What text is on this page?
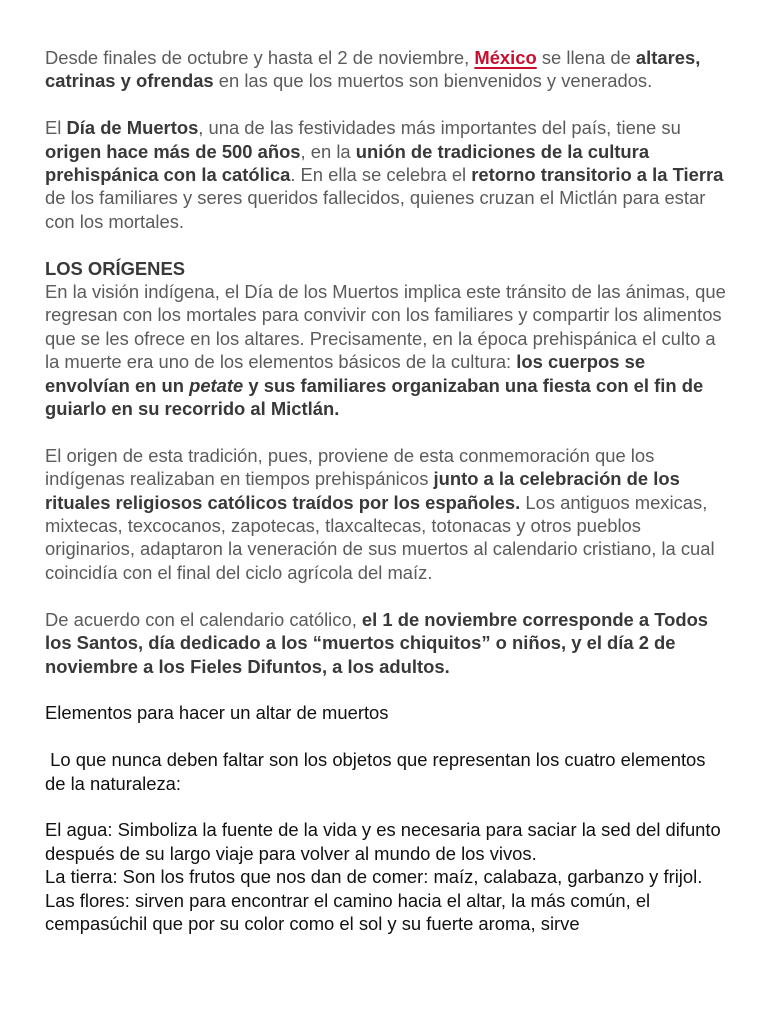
Desde finales de octubre y hasta el 2 de noviembre, México se llena de altares, catrinas y ofrendas en las que los muertos son bienvenidos y venerados.

El Día de Muertos, una de las festividades más importantes del país, tiene su origen hace más de 500 años, en la unión de tradiciones de la cultura prehispánica con la católica. En ella se celebra el retorno transitorio a la Tierra de los familiares y seres queridos fallecidos, quienes cruzan el Mictlán para estar con los mortales.

LOS ORÍGENES

En la visión indígena, el Día de los Muertos implica este tránsito de las ánimas, que regresan con los mortales para convivir con los familiares y compartir los alimentos que se les ofrece en los altares. Precisamente, en la época prehispánica el culto a la muerte era uno de los elementos básicos de la cultura: los cuerpos se envolvían en un petate y sus familiares organizaban una fiesta con el fin de guiarlo en su recorrido al Mictlán.

El origen de esta tradición, pues, proviene de esta conmemoración que los indígenas realizaban en tiempos prehispánicos junto a la celebración de los rituales religiosos católicos traídos por los españoles. Los antiguos mexicas, mixtecas, texcocanos, zapotecas, tlaxcaltecas, totonacas y otros pueblos originarios, adaptaron la veneración de sus muertos al calendario cristiano, la cual coincidía con el final del ciclo agrícola del maíz.

De acuerdo con el calendario católico, el 1 de noviembre corresponde a Todos los Santos, día dedicado a los “muertos chiquitos” o niños, y el día 2 de noviembre a los Fieles Difuntos, a los adultos.

Elementos para hacer un altar de muertos

Lo que nunca deben faltar son los objetos que representan los cuatro elementos de la naturaleza:

El agua: Simboliza la fuente de la vida y es necesaria para saciar la sed del difunto después de su largo viaje para volver al mundo de los vivos.

La tierra: Son los frutos que nos dan de comer: maíz, calabaza, garbanzo y frijol. Las flores: sirven para encontrar el camino hacia el altar, la más común, el cempasúchil que por su color como el sol y su fuerte aroma, sirve
